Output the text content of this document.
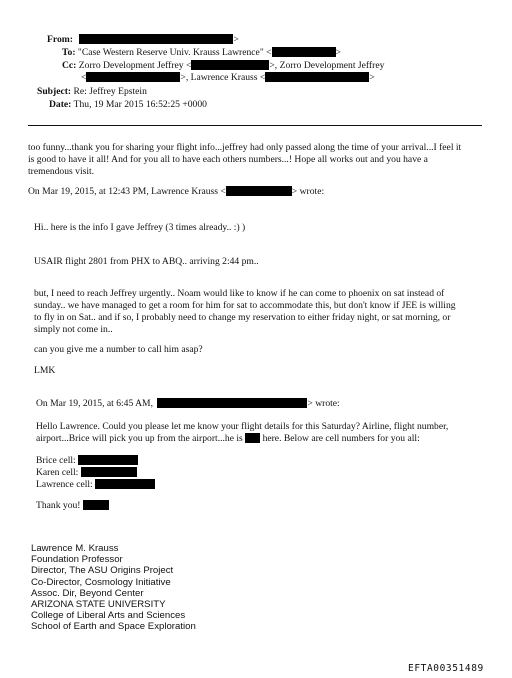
From:	>
To: "Case Western Reserve Univ. Krauss Lawrence" <	>
Cc: Zorro Development Jeffrey <	>, Zorro Development Jeffrey
<	>, Lawrence Krauss <	>
Subject: Re: Jeffrey Epstein
Date: Thu, 19 Mar 2015 16:52:25 +0000
too funny...thank you for sharing your flight info...jeffrey had only passed along the time of your arrival...I feel it
is good to have it all! And for you all to have each others numbers...! Hope all works out and you have a
tremendous visit.
On Mar 19, 2015, at 12:43 PM, Lawrence Krauss <	> wrote:
Hi.. here is the info I gave Jeffrey (3 times already.. :) )
USAIR flight 2801 from PHX to ABQ.. arriving 2:44 pm..
but, I need to reach Jeffrey urgently.. Noam would like to know if he can come to phoenix on sat instead of
sunday.. we have managed to get a room for him for sat to accommodate this, but don't know if JEE is willing
to fly in on Sat.. and if so, I probably need to change my reservation to either friday night, or sat morning, or
simply not come in..
can you give me a number to call him asap?
LMK
On Mar 19, 2015, at 6:45 AM,	> wrote:
Hello Lawrence. Could you please let me know your flight details for this Saturday? Airline, flight number,
airport...Brice will pick you up from the airport...he is here. Below are cell numbers for you all:
Brice cell:
Karen cell:
Lawrence cell:
Thank you!
Lawrence M. Krauss
Foundation Professor
Director, The ASU Origins Project
Co-Director, Cosmology Initiative
Assoc. Dir, Beyond Center
ARIZONA STATE UNIVERSITY
College of Liberal Arts and Sciences
School of Earth and Space Exploration
EFTA00351489
